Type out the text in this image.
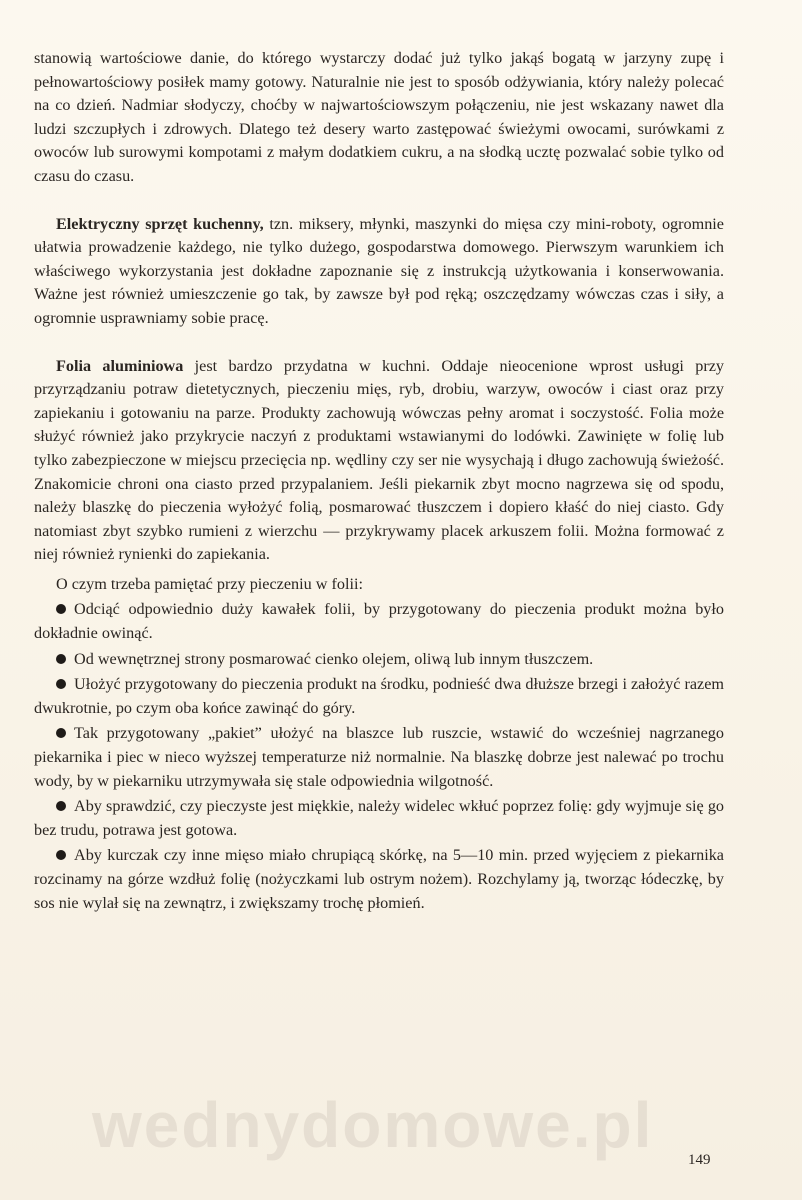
stanowią wartościowe danie, do którego wystarczy dodać już tylko jakąś bogatą w jarzyny zupę i pełnowartościowy posiłek mamy gotowy. Naturalnie nie jest to sposób odżywiania, który należy polecać na co dzień. Nadmiar słodyczy, choćby w najwartościowszym połączeniu, nie jest wskazany nawet dla ludzi szczupłych i zdrowych. Dlatego też desery warto zastępować świeżymi owocami, surówkami z owoców lub surowymi kompotami z małym dodatkiem cukru, a na słodką ucztę pozwalać sobie tylko od czasu do czasu.

Elektryczny sprzęt kuchenny, tzn. miksery, młynki, maszynki do mięsa czy mini-roboty, ogromnie ułatwia prowadzenie każdego, nie tylko dużego, gospodarstwa domowego. Pierwszym warunkiem ich właściwego wykorzystania jest dokładne zapoznanie się z instrukcją użytkowania i konserwowania. Ważne jest również umieszczenie go tak, by zawsze był pod ręką; oszczędzamy wówczas czas i siły, a ogromnie usprawniamy sobie pracę.

Folia aluminiowa jest bardzo przydatna w kuchni. Oddaje nieocenione wprost usługi przy przyrządzaniu potraw dietetycznych, pieczeniu mięs, ryb, drobiu, warzyw, owoców i ciast oraz przy zapiekaniu i gotowaniu na parze. Produkty zachowują wówczas pełny aromat i soczystość. Folia może służyć również jako przykrycie naczyń z produktami wstawianymi do lodówki. Zawinięte w folię lub tylko zabezpieczone w miejscu przecięcia np. wędliny czy ser nie wysychają i długo zachowują świeżość. Znakomicie chroni ona ciasto przed przypalaniem. Jeśli piekarnik zbyt mocno nagrzewa się od spodu, należy blaszkę do pieczenia wyłożyć folią, posmarować tłuszczem i dopiero kłaść do niej ciasto. Gdy natomiast zbyt szybko rumieni z wierzchu — przykrywamy placek arkuszem folii. Można formować z niej również rynienki do zapiekania.

O czym trzeba pamiętać przy pieczeniu w folii:

Odciąć odpowiednio duży kawałek folii, by przygotowany do pieczenia produkt można było dokładnie owinąć.

Od wewnętrznej strony posmarować cienko olejem, oliwą lub innym tłuszczem.

Ułożyć przygotowany do pieczenia produkt na środku, podnieść dwa dłuższe brzegi i założyć razem dwukrotnie, po czym oba końce zawinąć do góry.

Tak przygotowany „pakiet” ułożyć na blaszce lub ruszcie, wstawić do wcześniej nagrzanego piekarnika i piec w nieco wyższej temperaturze niż normalnie. Na blaszkę dobrze jest nalewać po trochu wody, by w piekarniku utrzymywała się stale odpowiednia wilgotność.

Aby sprawdzić, czy pieczyste jest miękkie, należy widelec wkłuć poprzez folię: gdy wyjmuje się go bez trudu, potrawa jest gotowa.

Aby kurczak czy inne mięso miało chrupiącą skórkę, na 5—10 min. przed wyjęciem z piekarnika rozcinamy na górze wzdłuż folię (nożyczkami lub ostrym nożem). Rozchylamy ją, tworząc łódeczkę, by sos nie wylał się na zewnątrz, i zwiększamy trochę płomień.

wednydomowe.pl	149
